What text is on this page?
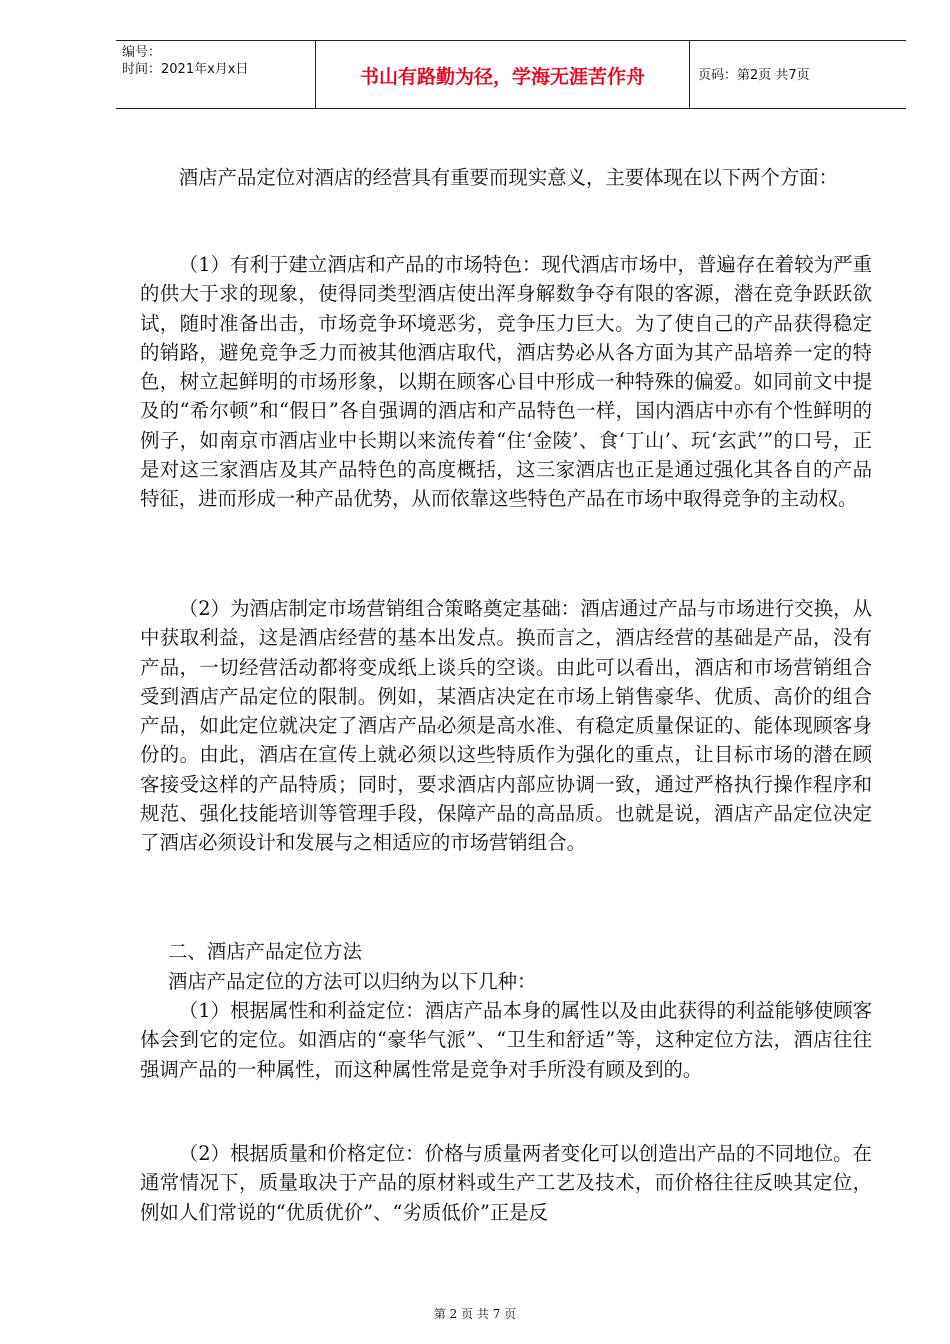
编号：
时间：2021年x月x日	书山有路勤为径，学海无涯苦作舟	页码：第2页 共7页
酒店产品定位对酒店的经营具有重要而现实意义，主要体现在以下两个方面：
（1）有利于建立酒店和产品的市场特色：现代酒店市场中，普遍存在着较为严重的供大于求的现象，使得同类型酒店使出浑身解数争夺有限的客源，潜在竞争跃跃欲试，随时准备出击，市场竞争环境恶劣，竞争压力巨大。为了使自己的产品获得稳定的销路，避免竞争乏力而被其他酒店取代，酒店势必从各方面为其产品培养一定的特色，树立起鲜明的市场形象，以期在顾客心目中形成一种特殊的偏爱。如同前文中提及的“希尔顿”和“假日”各自强调的酒店和产品特色一样，国内酒店中亦有个性鲜明的例子，如南京市酒店业中长期以来流传着“住‘金陵’、食‘丁山’、玩‘玄武’”的口号，正是对这三家酒店及其产品特色的高度概括，这三家酒店也正是通过强化其各自的产品特征，进而形成一种产品优势，从而依靠这些特色产品在市场中取得竞争的主动权。
（2）为酒店制定市场营销组合策略奠定基础：酒店通过产品与市场进行交换，从中获取利益，这是酒店经营的基本出发点。换而言之，酒店经营的基础是产品，没有产品，一切经营活动都将变成纸上谈兵的空谈。由此可以看出，酒店和市场营销组合受到酒店产品定位的限制。例如，某酒店决定在市场上销售豪华、优质、高价的组合产品，如此定位就决定了酒店产品必须是高水准、有稳定质量保证的、能体现顾客身份的。由此，酒店在宣传上就必须以这些特质作为强化的重点，让目标市场的潜在顾客接受这样的产品特质；同时，要求酒店内部应协调一致，通过严格执行操作程序和规范、强化技能培训等管理手段，保障产品的高品质。也就是说，酒店产品定位决定了酒店必须设计和发展与之相适应的市场营销组合。
二、酒店产品定位方法
酒店产品定位的方法可以归纳为以下几种：
（1）根据属性和利益定位：酒店产品本身的属性以及由此获得的利益能够使顾客体会到它的定位。如酒店的“豪华气派”、“卫生和舒适”等，这种定位方法，酒店往往强调产品的一种属性，而这种属性常是竞争对手所没有顾及到的。
（2）根据质量和价格定位：价格与质量两者变化可以创造出产品的不同地位。在通常情况下，质量取决于产品的原材料或生产工艺及技术，而价格往往反映其定位，例如人们常说的“优质优价”、“劣质低价”正是反
第 2 页 共 7 页
